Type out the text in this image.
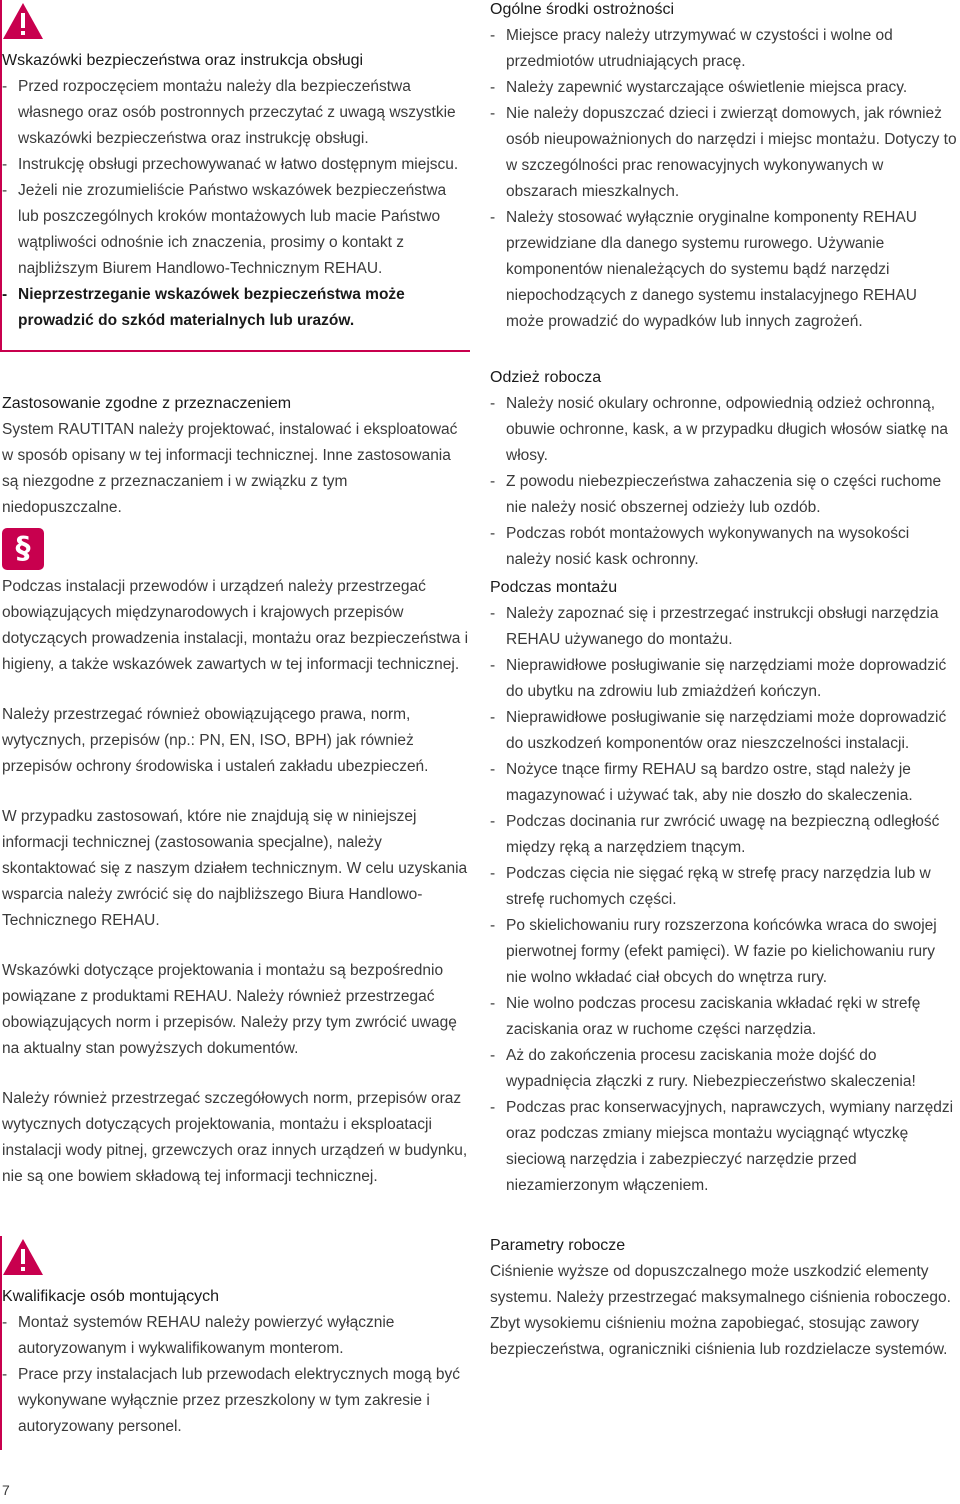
Wskazówki bezpieczeństwa oraz instrukcja obsługi
- Przed rozpoczęciem montażu należy dla bezpieczeństwa własnego oraz osób postronnych przeczytać z uwagą wszystkie wskazówki bezpieczeństwa oraz instrukcję obsługi.
- Instrukcję obsługi przechowywanać w łatwo dostępnym miejscu.
- Jeżeli nie zrozumieliście Państwo wskazówek bezpieczeństwa lub poszczególnych kroków montażowych lub macie Państwo wątpliwości odnośnie ich znaczenia, prosimy o kontakt z najbliższym Biurem Handlowo-Technicznym REHAU.
- Nieprzestrzeganie wskazówek bezpieczeństwa może prowadzić do szkód materialnych lub urazów.
Zastosowanie zgodne z przeznaczeniem

System RAUTITAN należy projektować, instalować i eksploatować w sposób opisany w tej informacji technicznej. Inne zastosowania są niezgodne z przeznaczaniem i w związku z tym niedopuszczalne.

§

Podczas instalacji przewodów i urządzeń należy przestrzegać obowiązujących międzynarodowych i krajowych przepisów dotyczących prowadzenia instalacji, montażu oraz bezpieczeństwa i higieny, a także wskazówek zawartych w tej informacji technicznej.

Należy przestrzegać również obowiązującego prawa, norm, wytycznych, przepisów (np.: PN, EN, ISO, BPH) jak również przepisów ochrony środowiska i ustaleń zakładu ubezpieczeń.

W przypadku zastosowań, które nie znajdują się w niniejszej informacji technicznej (zastosowania specjalne), należy skontaktować się z naszym działem technicznym. W celu uzyskania wsparcia należy zwrócić się do najbliższego Biura Handlowo-Technicznego REHAU.

Wskazówki dotyczące projektowania i montażu są bezpośrednio powiązane z produktami REHAU. Należy również przestrzegać obowiązujących norm i przepisów. Należy przy tym zwrócić uwagę na aktualny stan powyższych dokumentów.

Należy również przestrzegać szczegółowych norm, przepisów oraz wytycznych dotyczących projektowania, montażu i eksploatacji instalacji wody pitnej, grzewczych oraz innych urządzeń w budynku, nie są one bowiem składową tej informacji technicznej.

Kwalifikacje osób montujących
- Montaż systemów REHAU należy powierzyć wyłącznie autoryzowanym i wykwalifikowanym monterom.
- Prace przy instalacjach lub przewodach elektrycznych mogą być wykonywane wyłącznie przez przeszkolony w tym zakresie i autoryzowany personel.
Ogólne środki ostrożności
- Miejsce pracy należy utrzymywać w czystości i wolne od przedmiotów utrudniających pracę.
- Należy zapewnić wystarczające oświetlenie miejsca pracy.
- Nie należy dopuszczać dzieci i zwierząt domowych, jak również osób nieupoważnionych do narzędzi i miejsc montażu. Dotyczy to w szczególności prac renowacyjnych wykonywanych w obszarach mieszkalnych.
- Należy stosować wyłącznie oryginalne komponenty REHAU przewidziane dla danego systemu rurowego. Używanie komponentów nienależących do systemu bądź narzędzi niepochodzących z danego systemu instalacyjnego REHAU może prowadzić do wypadków lub innych zagrożeń.
Odzież robocza
- Należy nosić okulary ochronne, odpowiednią odzież ochronną, obuwie ochronne, kask, a w przypadku długich włosów siatkę na włosy.
- Z powodu niebezpieczeństwa zahaczenia się o części ruchome nie należy nosić obszernej odzieży lub ozdób.
- Podczas robót montażowych wykonywanych na wysokości należy nosić kask ochronny.
Podczas montażu
- Należy zapoznać się i przestrzegać instrukcji obsługi narzędzia REHAU używanego do montażu.
- Nieprawidłowe posługiwanie się narzędziami może doprowadzić do ubytku na zdrowiu lub zmiażdżeń kończyn.
- Nieprawidłowe posługiwanie się narzędziami może doprowadzić do uszkodzeń komponentów oraz nieszczelności instalacji.
- Nożyce tnące firmy REHAU są bardzo ostre, stąd należy je magazynować i używać tak, aby nie doszło do skaleczenia.
- Podczas docinania rur zwrócić uwagę na bezpieczną odległość między ręką a narzędziem tnącym.
- Podczas cięcia nie sięgać ręką w strefę pracy narzędzia lub w strefę ruchomych części.
- Po skielichowaniu rury rozszerzona końcówka wraca do swojej pierwotnej formy (efekt pamięci). W fazie po kielichowaniu rury nie wolno wkładać ciał obcych do wnętrza rury.
- Nie wolno podczas procesu zaciskania wkładać ręki w strefę zaciskania oraz w ruchome części narzędzia.
- Aż do zakończenia procesu zaciskania może dojść do wypadnięcia złączki z rury. Niebezpieczeństwo skaleczenia!
- Podczas prac konserwacyjnych, naprawczych, wymiany narzędzi oraz podczas zmiany miejsca montażu wyciągnąć wtyczkę sieciową narzędzia i zabezpieczyć narzędzie przed niezamierzonym włączeniem.
Parametry robocze

Ciśnienie wyższe od dopuszczalnego może uszkodzić elementy systemu. Należy przestrzegać maksymalnego ciśnienia roboczego. Zbyt wysokiemu ciśnieniu można zapobiegać, stosując zawory bezpieczeństwa, ograniczniki ciśnienia lub rozdzielacze systemów.

7
